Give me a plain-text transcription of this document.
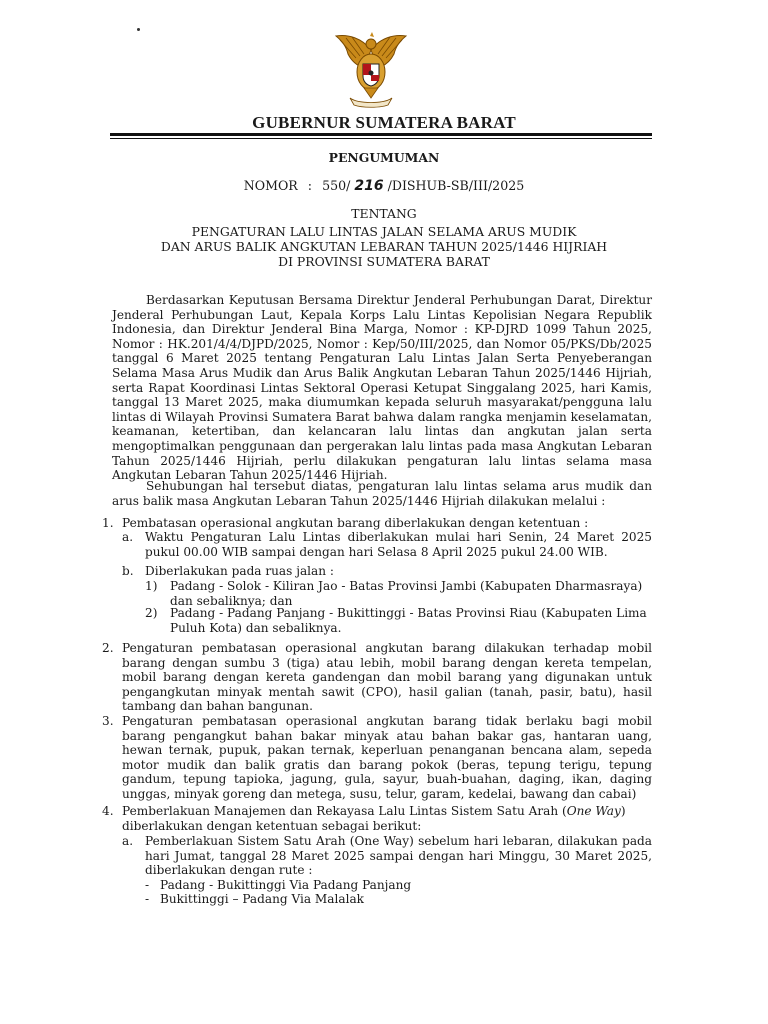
GUBERNUR SUMATERA BARAT
PENGUMUMAN
NOMOR : 550/ 216 /DISHUB-SB/III/2025
TENTANG
PENGATURAN LALU LINTAS JALAN SELAMA ARUS MUDIK
DAN ARUS BALIK ANGKUTAN LEBARAN TAHUN 2025/1446 HIJRIAH
DI PROVINSI SUMATERA BARAT
Berdasarkan Keputusan Bersama Direktur Jenderal Perhubungan Darat, Direktur Jenderal Perhubungan Laut, Kepala Korps Lalu Lintas Kepolisian Negara Republik Indonesia, dan Direktur Jenderal Bina Marga, Nomor : KP-DJRD 1099 Tahun 2025, Nomor : HK.201/4/4/DJPD/2025, Nomor : Kep/50/III/2025, dan Nomor 05/PKS/Db/2025 tanggal 6 Maret 2025 tentang Pengaturan Lalu Lintas Jalan Serta Penyeberangan Selama Masa Arus Mudik dan Arus Balik Angkutan Lebaran Tahun 2025/1446 Hijriah, serta Rapat Koordinasi Lintas Sektoral Operasi Ketupat Singgalang 2025, hari Kamis, tanggal 13 Maret 2025, maka diumumkan kepada seluruh masyarakat/pengguna lalu lintas di Wilayah Provinsi Sumatera Barat bahwa dalam rangka menjamin keselamatan, keamanan, ketertiban, dan kelancaran lalu lintas dan angkutan jalan serta mengoptimalkan penggunaan dan pergerakan lalu lintas pada masa Angkutan Lebaran Tahun 2025/1446 Hijriah, perlu dilakukan pengaturan lalu lintas selama masa Angkutan Lebaran Tahun 2025/1446 Hijriah.
Sehubungan hal tersebut diatas, pengaturan lalu lintas selama arus mudik dan arus balik masa Angkutan Lebaran Tahun 2025/1446 Hijriah dilakukan melalui :
1. Pembatasan operasional angkutan barang diberlakukan dengan ketentuan :
a. Waktu Pengaturan Lalu Lintas diberlakukan mulai hari Senin, 24 Maret 2025 pukul 00.00 WIB sampai dengan hari Selasa 8 April 2025 pukul 24.00 WIB.
b. Diberlakukan pada ruas jalan :
1) Padang - Solok - Kiliran Jao - Batas Provinsi Jambi (Kabupaten Dharmasraya) dan sebaliknya; dan
2) Padang - Padang Panjang - Bukittinggi - Batas Provinsi Riau (Kabupaten Lima Puluh Kota) dan sebaliknya.
2. Pengaturan pembatasan operasional angkutan barang dilakukan terhadap mobil barang dengan sumbu 3 (tiga) atau lebih, mobil barang dengan kereta tempelan, mobil barang dengan kereta gandengan dan mobil barang yang digunakan untuk pengangkutan minyak mentah sawit (CPO), hasil galian (tanah, pasir, batu), hasil tambang dan bahan bangunan.
3. Pengaturan pembatasan operasional angkutan barang tidak berlaku bagi mobil barang pengangkut bahan bakar minyak atau bahan bakar gas, hantaran uang, hewan ternak, pupuk, pakan ternak, keperluan penanganan bencana alam, sepeda motor mudik dan balik gratis dan barang pokok (beras, tepung terigu, tepung gandum, tepung tapioka, jagung, gula, sayur, buah-buahan, daging, ikan, daging unggas, minyak goreng dan metega, susu, telur, garam, kedelai, bawang dan cabai)
4. Pemberlakuan Manajemen dan Rekayasa Lalu Lintas Sistem Satu Arah (One Way) diberlakukan dengan ketentuan sebagai berikut:
a. Pemberlakuan Sistem Satu Arah (One Way) sebelum hari lebaran, dilakukan pada hari Jumat, tanggal 28 Maret 2025 sampai dengan hari Minggu, 30 Maret 2025, diberlakukan dengan rute :
- Padang - Bukittinggi Via Padang Panjang
- Bukittinggi – Padang Via Malalak
